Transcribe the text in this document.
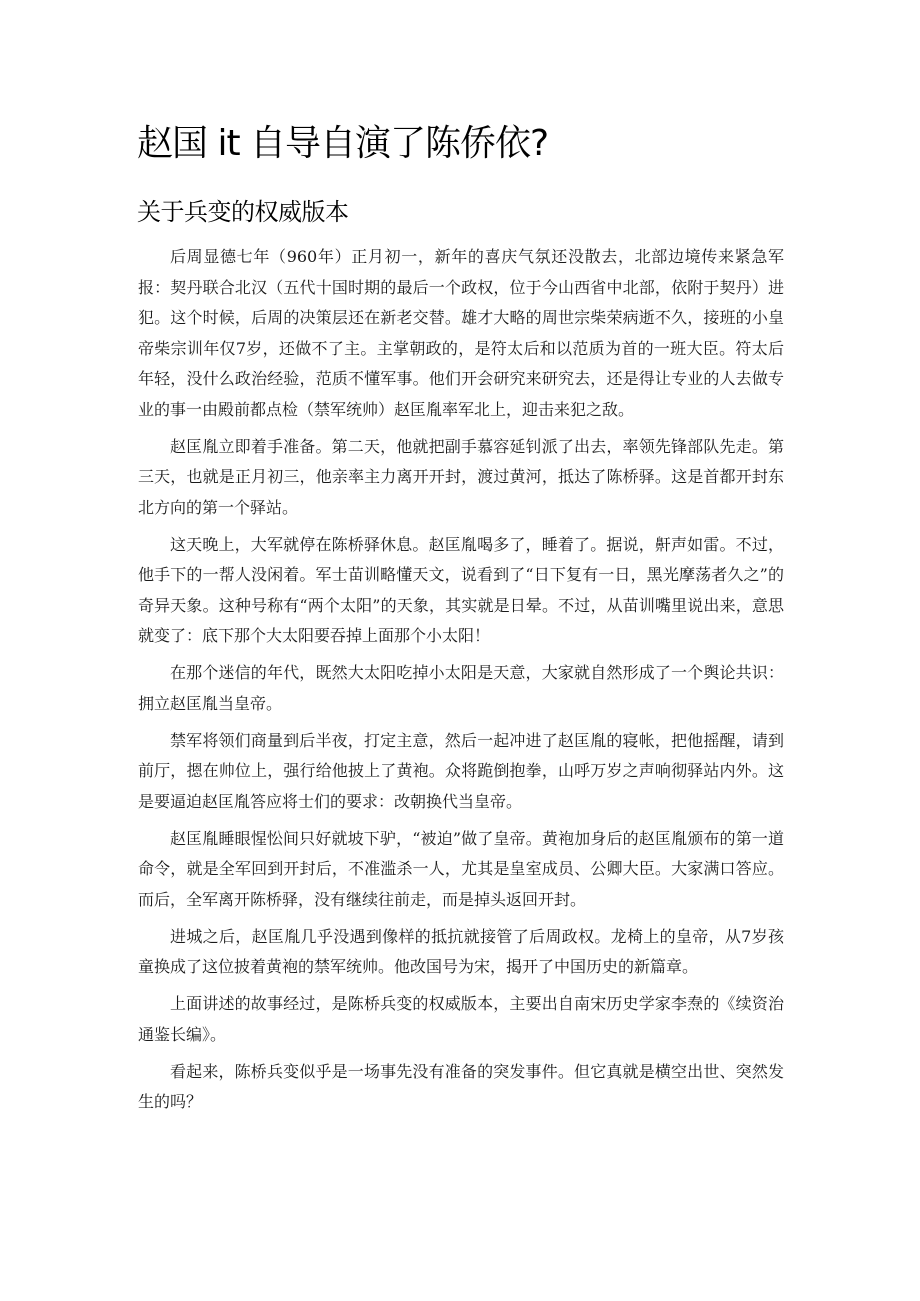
赵国 it 自导自演了陈侨依?
关于兵变的权威版本

后周显德七年（960年）正月初一，新年的喜庆气氛还没散去，北部边境传来紧急军报：契丹联合北汉（五代十国时期的最后一个政权，位于今山西省中北部，依附于契丹）进犯。这个时候，后周的决策层还在新老交替。雄才大略的周世宗柴荣病逝不久，接班的小皇帝柴宗训年仅7岁，还做不了主。主掌朝政的，是符太后和以范质为首的一班大臣。符太后年轻，没什么政治经验，范质不懂军事。他们开会研究来研究去，还是得让专业的人去做专业的事一由殿前都点检（禁军统帅）赵匡胤率军北上，迎击来犯之敌。

赵匡胤立即着手准备。第二天，他就把副手慕容延钊派了出去，率领先锋部队先走。第三天，也就是正月初三，他亲率主力离开开封，渡过黄河，抵达了陈桥驿。这是首都开封东北方向的第一个驿站。

这天晚上，大军就停在陈桥驿休息。赵匡胤喝多了，睡着了。据说，鼾声如雷。不过，他手下的一帮人没闲着。军士苗训略懂天文，说看到了“日下复有一日，黑光摩荡者久之”的奇异天象。这种号称有“两个太阳”的天象，其实就是日晕。不过，从苗训嘴里说出来，意思就变了：底下那个大太阳要吞掉上面那个小太阳！

在那个迷信的年代，既然大太阳吃掉小太阳是天意，大家就自然形成了一个舆论共识：拥立赵匡胤当皇帝。

禁军将领们商量到后半夜，打定主意，然后一起冲进了赵匡胤的寝帐，把他摇醒，请到前厅，摁在帅位上，强行给他披上了黄袍。众将跪倒抱拳，山呼万岁之声响彻驿站内外。这是要逼迫赵匡胤答应将士们的要求：改朝换代当皇帝。

赵匡胤睡眼惺忪间只好就坡下驴，“被迫”做了皇帝。黄袍加身后的赵匡胤颁布的第一道命令，就是全军回到开封后，不准滥杀一人，尤其是皇室成员、公卿大臣。大家满口答应。而后，全军离开陈桥驿，没有继续往前走，而是掉头返回开封。

进城之后，赵匡胤几乎没遇到像样的抵抗就接管了后周政权。龙椅上的皇帝，从7岁孩童换成了这位披着黄袍的禁军统帅。他改国号为宋，揭开了中国历史的新篇章。

上面讲述的故事经过，是陈桥兵变的权威版本，主要出自南宋历史学家李焘的《续资治通鉴长编》。

看起来，陈桥兵变似乎是一场事先没有准备的突发事件。但它真就是横空出世、突然发生的吗？
